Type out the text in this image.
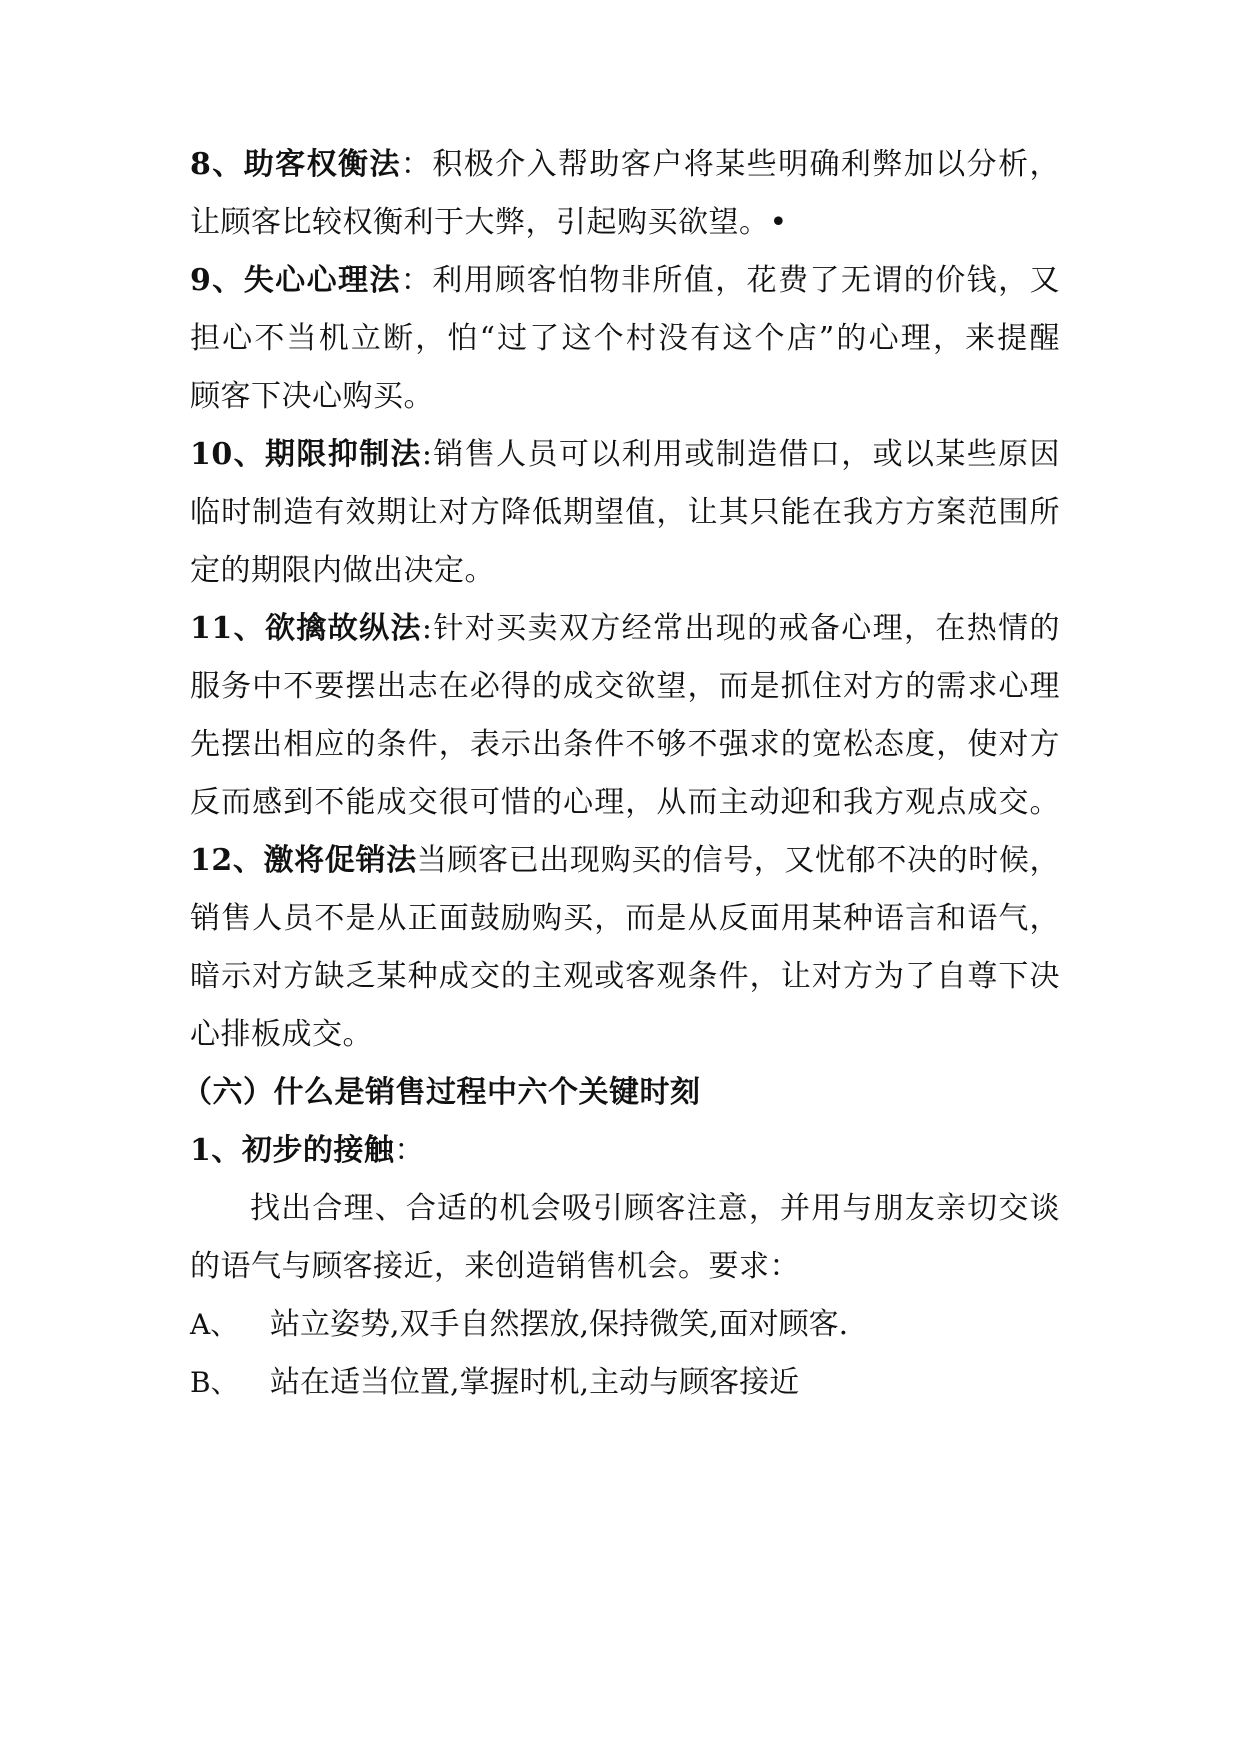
8、助客权衡法：积极介入帮助客户将某些明确利弊加以分析，
让顾客比较权衡利于大弊，引起购买欲望。•
9、失心心理法：利用顾客怕物非所值，花费了无谓的价钱，又
担心不当机立断，怕“过了这个村没有这个店”的心理，来提醒
顾客下决心购买。
10、期限抑制法:销售人员可以利用或制造借口，或以某些原因
临时制造有效期让对方降低期望值，让其只能在我方方案范围所
定的期限内做出决定。
11、欲擒故纵法:针对买卖双方经常出现的戒备心理，在热情的
服务中不要摆出志在必得的成交欲望，而是抓住对方的需求心理
先摆出相应的条件，表示出条件不够不强求的宽松态度，使对方
反而感到不能成交很可惜的心理，从而主动迎和我方观点成交。
12、激将促销法当顾客已出现购买的信号，又忧郁不决的时候，
销售人员不是从正面鼓励购买，而是从反面用某种语言和语气，
暗示对方缺乏某种成交的主观或客观条件，让对方为了自尊下决
心排板成交。
（六）什么是销售过程中六个关键时刻
1、初步的接触：
找出合理、合适的机会吸引顾客注意，并用与朋友亲切交谈
的语气与顾客接近，来创造销售机会。要求：
A、 站立姿势,双手自然摆放,保持微笑,面对顾客.
B、 站在适当位置,掌握时机,主动与顾客接近
